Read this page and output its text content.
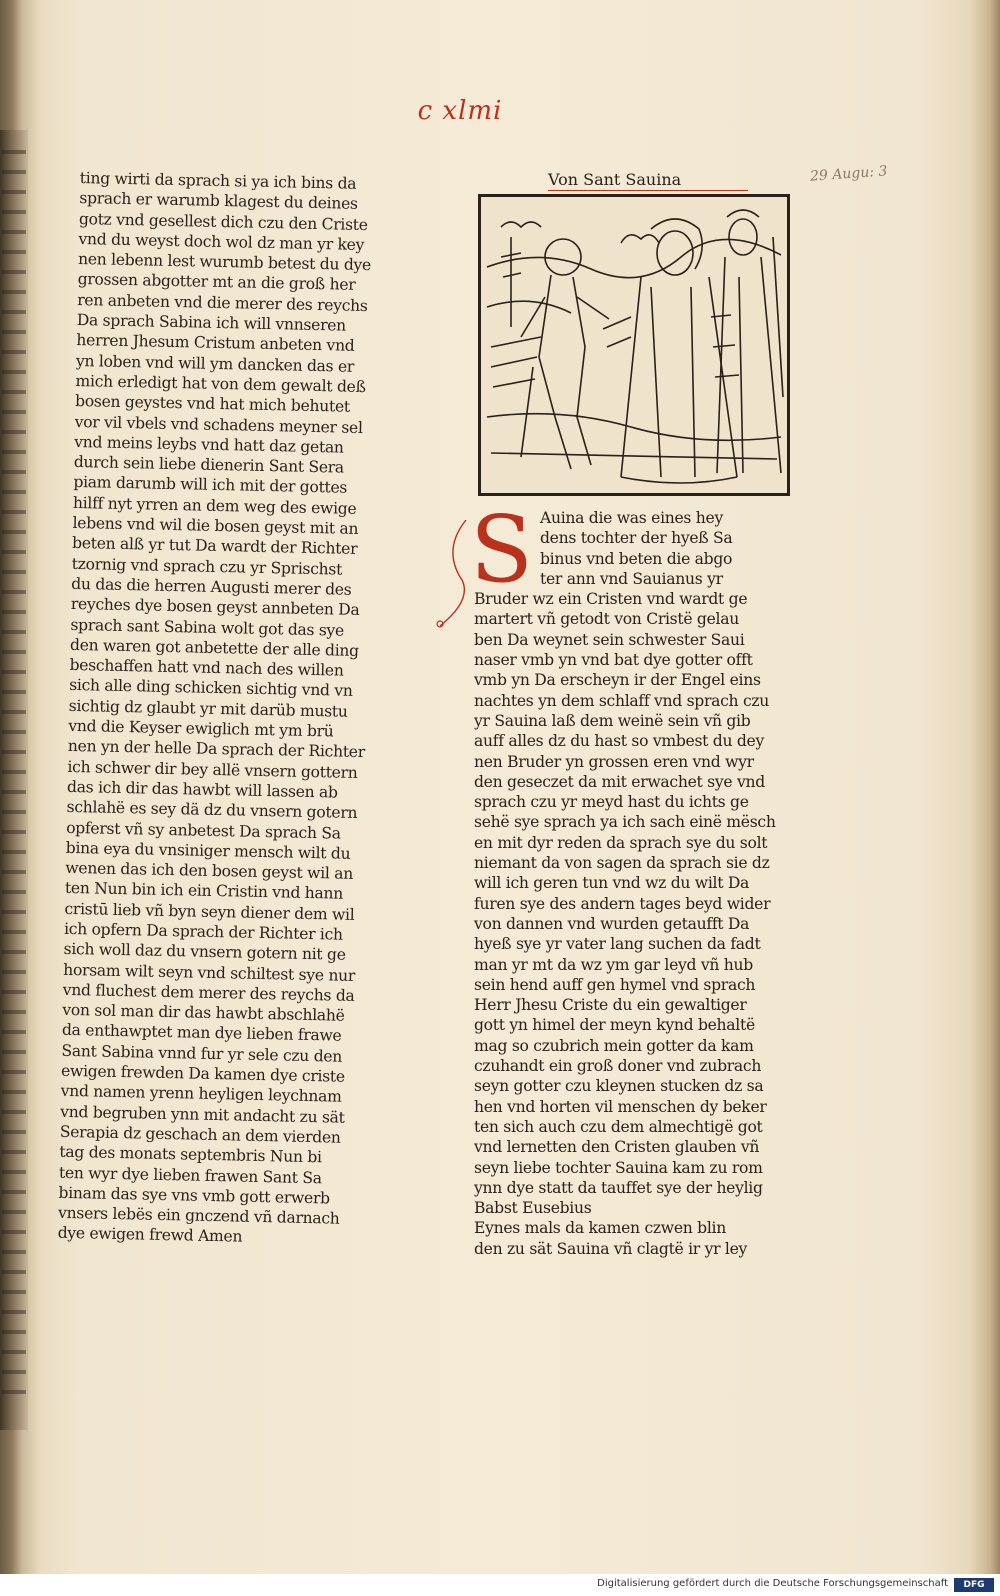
c xlmi
29 Augu: 3
ting wirti da sprach si ya ich bins da
sprach er warumb klagest du deines
gotz vnd gesellest dich czu den Criste
vnd du weyst doch wol dz man yr key
nen lebenn lest wurumb betest du dye
grossen abgotter mt an die groß her
ren anbeten vnd die merer des reychs
Da sprach Sabina ich will vnnseren
herren Jhesum Cristum anbeten vnd
yn loben vnd will ym dancken das er
mich erledigt hat von dem gewalt deß
bosen geystes vnd hat mich behutet
vor vil vbels vnd schadens meyner sel
vnd meins leybs vnd hatt daz getan
durch sein liebe dienerin Sant Sera
piam darumb will ich mit der gottes
hilff nyt yrren an dem weg des ewige
lebens vnd wil die bosen geyst mit an
beten alß yr tut Da wardt der Richter
tzornig vnd sprach czu yr Sprischst
du das die herren Augusti merer des
reyches dye bosen geyst annbeten Da
sprach sant Sabina wolt got das sye
den waren got anbetette der alle ding
beschaffen hatt vnd nach des willen
sich alle ding schicken sichtig vnd vn
sichtig dz glaubt yr mit darüb mustu
vnd die Keyser ewiglich mt ym brü
nen yn der helle Da sprach der Richter
ich schwer dir bey allë vnsern gottern
das ich dir das hawbt will lassen ab
schlahë es sey dä dz du vnsern gotern
opferst vñ sy anbetest Da sprach Sa
bina eya du vnsiniger mensch wilt du
wenen das ich den bosen geyst wil an
ten Nun bin ich ein Cristin vnd hann
cristū lieb vñ byn seyn diener dem wil
ich opfern Da sprach der Richter ich
sich woll daz du vnsern gotern nit ge
horsam wilt seyn vnd schiltest sye nur
vnd fluchest dem merer des reychs da
von sol man dir das hawbt abschlahë
da enthawptet man dye lieben frawe
Sant Sabina vnnd fur yr sele czu den
ewigen frewden Da kamen dye criste
vnd namen yrenn heyligen leychnam
vnd begruben ynn mit andacht zu sät
Serapia dz geschach an dem vierden
tag des monats septembris Nun bi
ten wyr dye lieben frawen Sant Sa
binam das sye vns vmb gott erwerb
vnsers lebës ein gnczend vñ darnach
dye ewigen frewd Amen
Von Sant Sauina
S Auina die was eines hey
dens tochter der hyeß Sa
binus vnd beten die abgo
ter ann vnd Sauianus yr
Bruder wz ein Cristen vnd wardt ge
martert vñ getodt von Cristë gelau
ben Da weynet sein schwester Saui
naser vmb yn vnd bat dye gotter offt
vmb yn Da erscheyn ir der Engel eins
nachtes yn dem schlaff vnd sprach czu
yr Sauina laß dem weinë sein vñ gib
auff alles dz du hast so vmbest du dey
nen Bruder yn grossen eren vnd wyr
den geseczet da mit erwachet sye vnd
sprach czu yr meyd hast du ichts ge
sehë sye sprach ya ich sach einë mësch
en mit dyr reden da sprach sye du solt
niemant da von sagen da sprach sie dz
will ich geren tun vnd wz du wilt Da
furen sye des andern tages beyd wider
von dannen vnd wurden getaufft Da
hyeß sye yr vater lang suchen da fadt
man yr mt da wz ym gar leyd vñ hub
sein hend auff gen hymel vnd sprach
Herr Jhesu Criste du ein gewaltiger
gott yn himel der meyn kynd behaltë
mag so czubrich mein gotter da kam
czuhandt ein groß doner vnd zubrach
seyn gotter czu kleynen stucken dz sa
hen vnd horten vil menschen dy beker
ten sich auch czu dem almechtigë got
vnd lernetten den Cristen glauben vñ
seyn liebe tochter Sauina kam zu rom
ynn dye statt da tauffet sye der heylig
Babst Eusebius
Eynes mals da kamen czwen blin
den zu sät Sauina vñ clagtë ir yr ley
Digitalisierung gefördert durch die Deutsche Forschungsgemeinschaft	DFG
